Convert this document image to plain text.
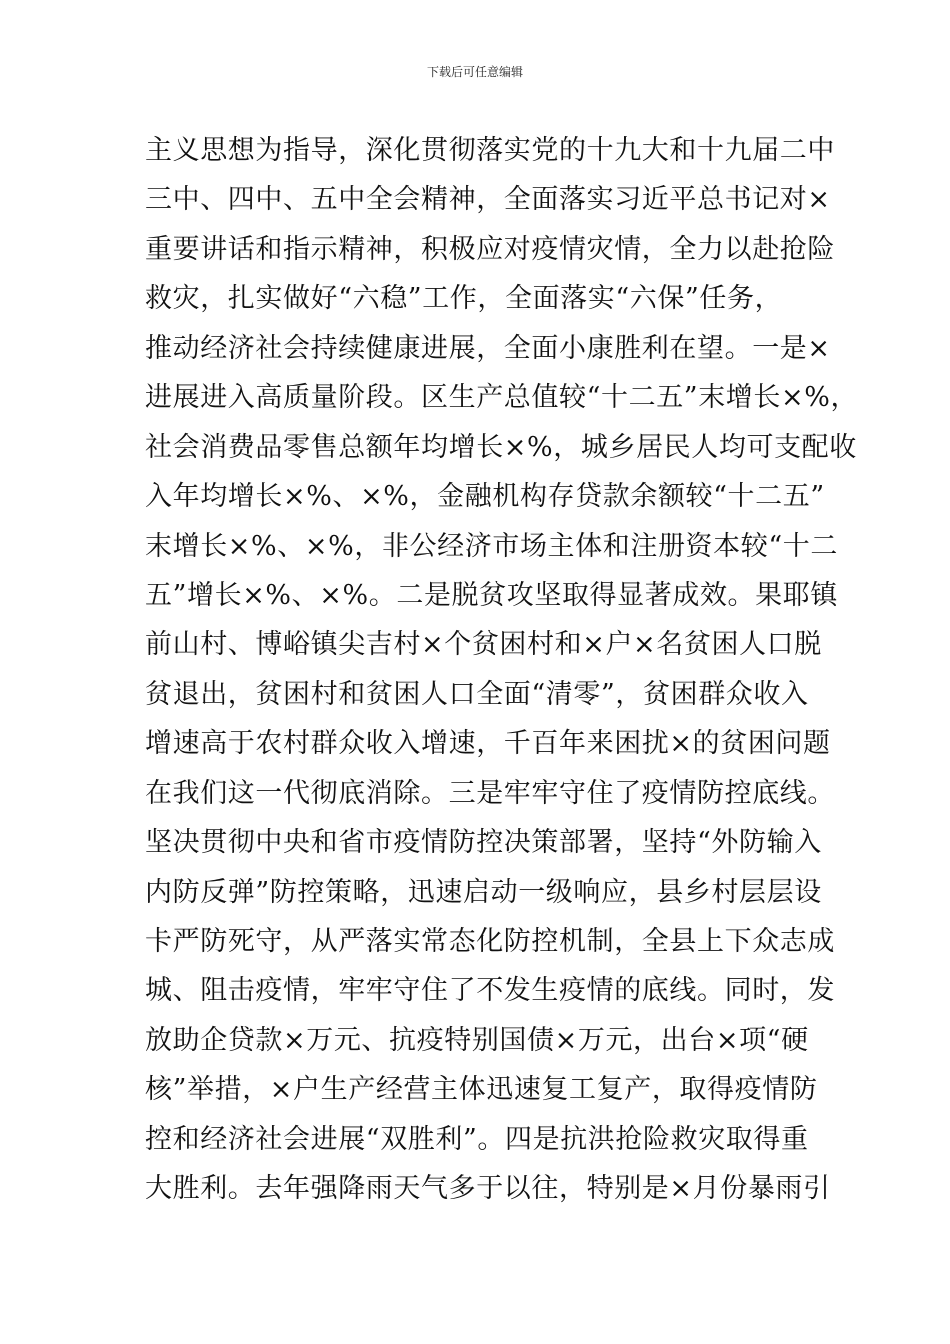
下载后可任意编辑
主义思想为指导，深化贯彻落实党的十九大和十九届二中
三中、四中、五中全会精神，全面落实习近平总书记对×
重要讲话和指示精神，积极应对疫情灾情，全力以赴抢险
救灾，扎实做好“六稳”工作，全面落实“六保”任务，
推动经济社会持续健康进展，全面小康胜利在望。一是×
进展进入高质量阶段。区生产总值较“十二五”末增长×%，
社会消费品零售总额年均增长×%，城乡居民人均可支配收
入年均增长×%、×%，金融机构存贷款余额较“十二五”
末增长×%、×%，非公经济市场主体和注册资本较“十二
五”增长×%、×%。二是脱贫攻坚取得显著成效。果耶镇
前山村、博峪镇尖吉村×个贫困村和×户×名贫困人口脱
贫退出，贫困村和贫困人口全面“清零”，贫困群众收入
增速高于农村群众收入增速，千百年来困扰×的贫困问题
在我们这一代彻底消除。三是牢牢守住了疫情防控底线。
坚决贯彻中央和省市疫情防控决策部署，坚持“外防输入
内防反弹”防控策略，迅速启动一级响应，县乡村层层设
卡严防死守，从严落实常态化防控机制，全县上下众志成
城、阻击疫情，牢牢守住了不发生疫情的底线。同时，发
放助企贷款×万元、抗疫特别国债×万元，出台×项“硬
核”举措，×户生产经营主体迅速复工复产，取得疫情防
控和经济社会进展“双胜利”。四是抗洪抢险救灾取得重
大胜利。去年强降雨天气多于以往，特别是×月份暴雨引
